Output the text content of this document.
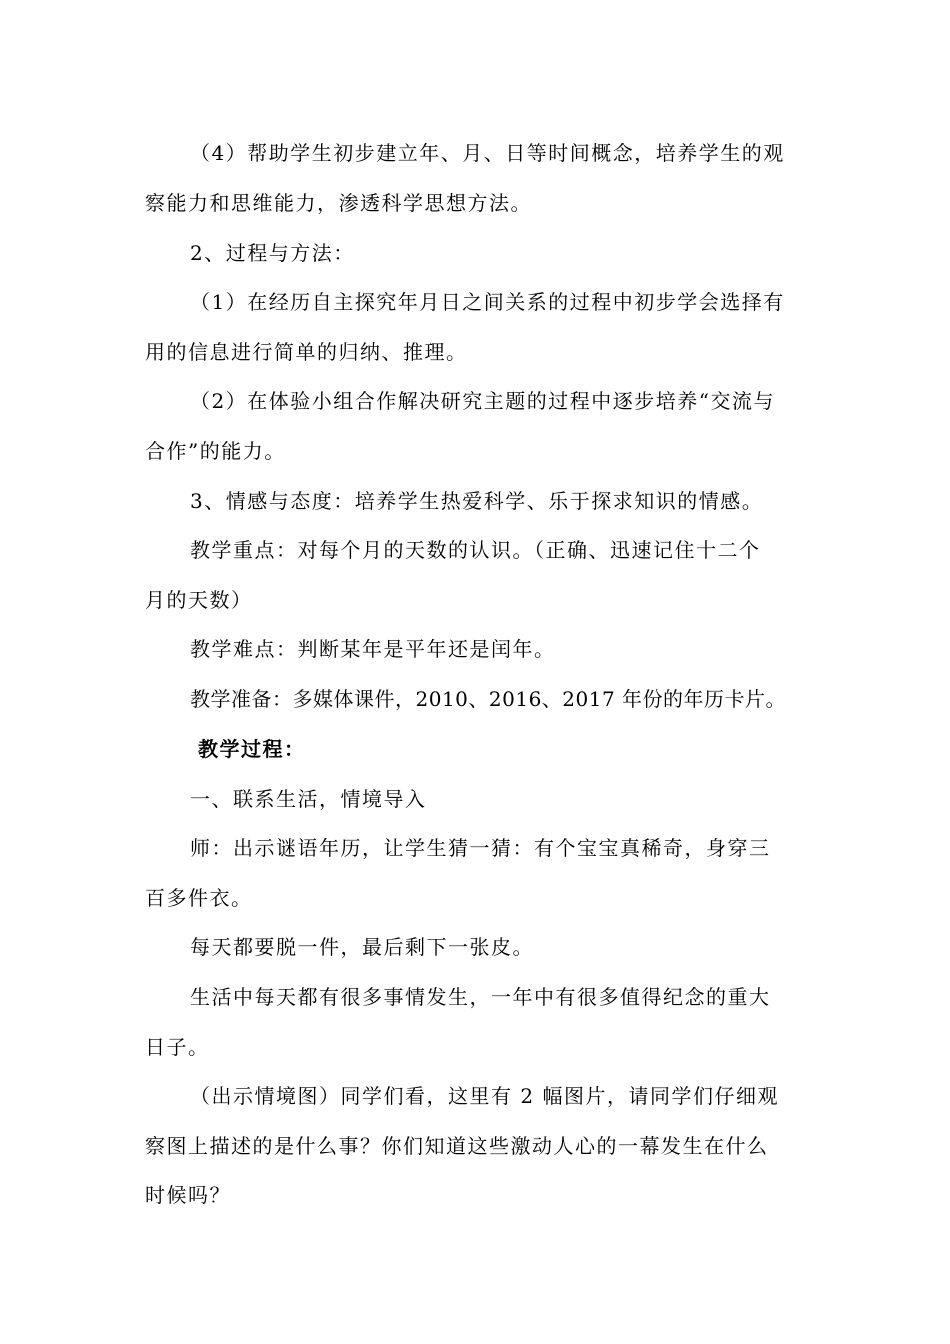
（4）帮助学生初步建立年、月、日等时间概念，培养学生的观
察能力和思维能力，渗透科学思想方法。
2、过程与方法：
（1）在经历自主探究年月日之间关系的过程中初步学会选择有
用的信息进行简单的归纳、推理。
（2）在体验小组合作解决研究主题的过程中逐步培养“交流与
合作”的能力。
3、情感与态度：培养学生热爱科学、乐于探求知识的情感。
教学重点：对每个月的天数的认识。（正确、迅速记住十二个
月的天数）
教学难点：判断某年是平年还是闰年。
教学准备：多媒体课件，2010、2016、2017 年份的年历卡片。
教学过程：
一、联系生活，情境导入
师：出示谜语年历，让学生猜一猜：有个宝宝真稀奇，身穿三
百多件衣。
每天都要脱一件，最后剩下一张皮。
生活中每天都有很多事情发生，一年中有很多值得纪念的重大
日子。
（出示情境图）同学们看，这里有 2 幅图片，请同学们仔细观
察图上描述的是什么事？你们知道这些激动人心的一幕发生在什么
时候吗？
